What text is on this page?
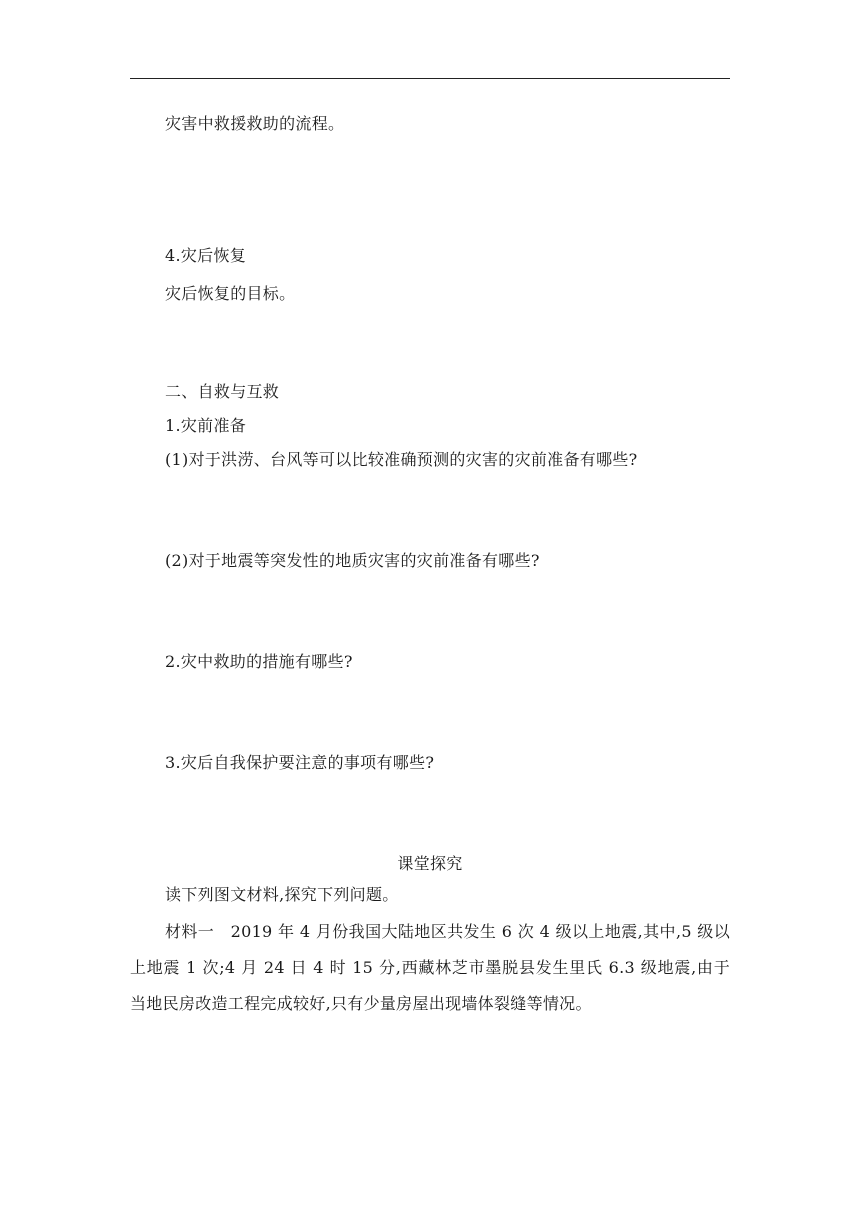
灾害中救援救助的流程。
4.灾后恢复
灾后恢复的目标。
二、自救与互救
1.灾前准备
(1)对于洪涝、台风等可以比较准确预测的灾害的灾前准备有哪些?
(2)对于地震等突发性的地质灾害的灾前准备有哪些?
2.灾中救助的措施有哪些?
3.灾后自我保护要注意的事项有哪些?
课堂探究
读下列图文材料,探究下列问题。
材料一　2019 年 4 月份我国大陆地区共发生 6 次 4 级以上地震,其中,5 级以
上地震 1 次;4 月 24 日 4 时 15 分,西藏林芝市墨脱县发生里氏 6.3 级地震,由于
当地民房改造工程完成较好,只有少量房屋出现墙体裂缝等情况。
